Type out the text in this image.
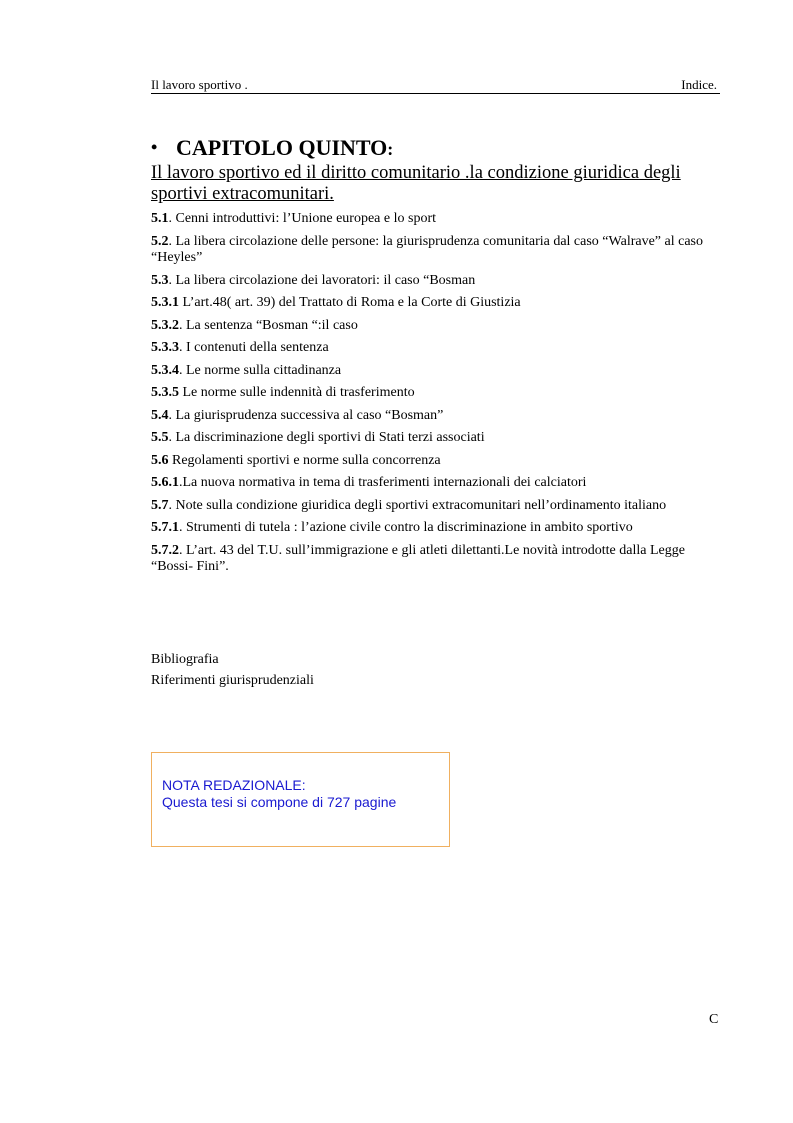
Il lavoro sportivo .	Indice.
• CAPITOLO QUINTO:
Il lavoro sportivo ed il diritto comunitario .la condizione giuridica degli sportivi extracomunitari.
5.1. Cenni introduttivi: l’Unione europea e lo sport
5.2. La libera circolazione delle persone: la giurisprudenza comunitaria dal caso “Walrave” al caso “Heyles”
5.3. La libera circolazione dei lavoratori: il caso “Bosman
5.3.1 L’art.48( art. 39) del Trattato di Roma e la Corte di Giustizia
5.3.2. La sentenza “Bosman “:il caso
5.3.3. I contenuti della sentenza
5.3.4. Le norme sulla cittadinanza
5.3.5 Le norme sulle indennità di trasferimento
5.4. La giurisprudenza successiva al caso “Bosman”
5.5. La discriminazione degli sportivi di Stati terzi associati
5.6 Regolamenti sportivi e norme sulla concorrenza
5.6.1.La nuova normativa in tema di trasferimenti internazionali dei calciatori
5.7. Note sulla condizione giuridica degli sportivi extracomunitari nell’ordinamento italiano
5.7.1. Strumenti di tutela : l’azione civile contro la discriminazione in ambito sportivo
5.7.2. L’art. 43 del T.U. sull’immigrazione e gli atleti dilettanti.Le novità introdotte dalla Legge “Bossi- Fini”.
Bibliografia
Riferimenti giurisprudenziali
NOTA REDAZIONALE:
Questa tesi si compone di 727 pagine
C
